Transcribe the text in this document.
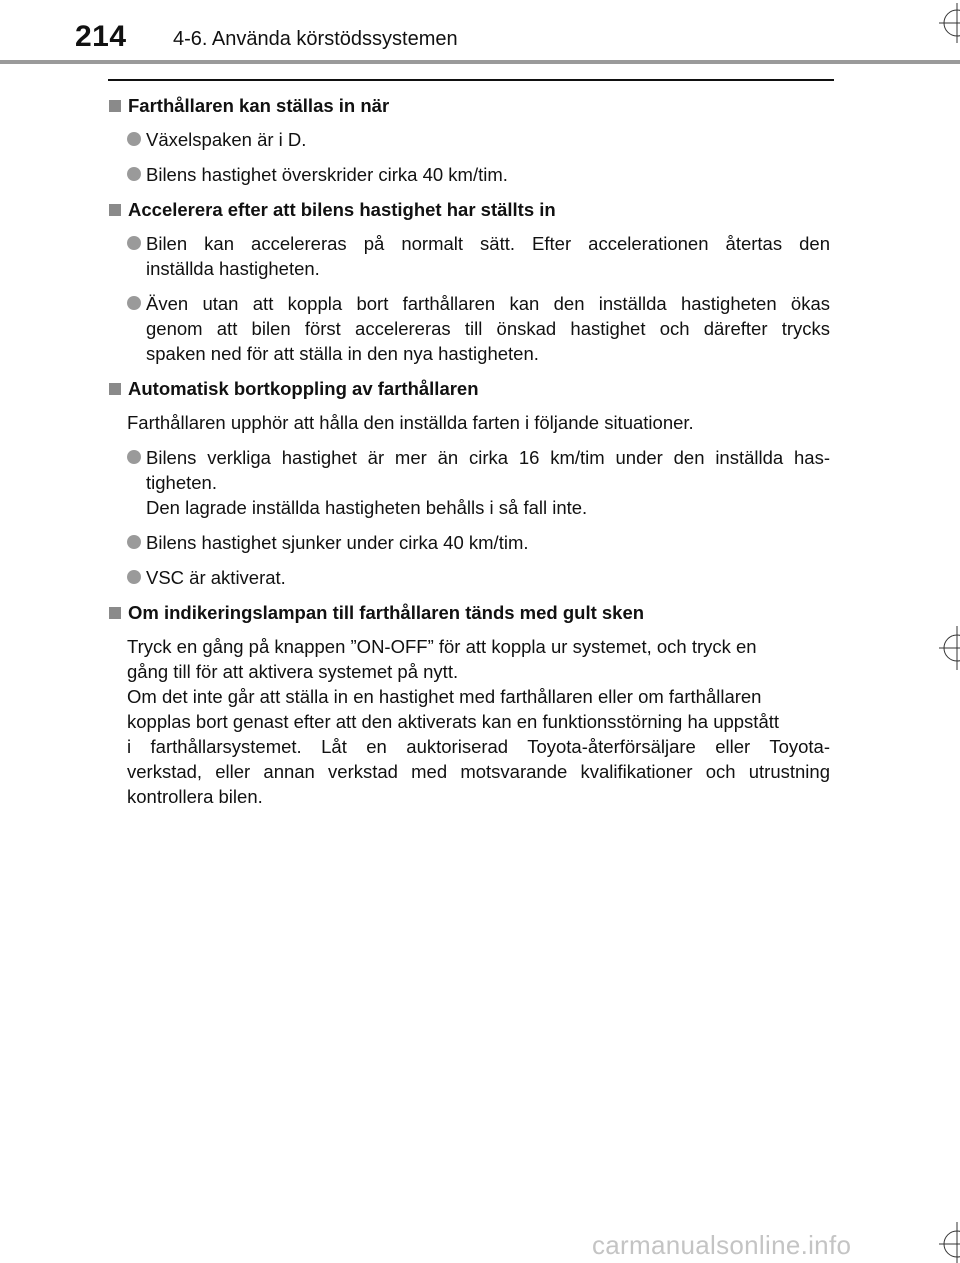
214 4-6. Använda körstödssystemen
Farthållaren kan ställas in när
Växelspaken är i D.
Bilens hastighet överskrider cirka 40 km/tim.
Accelerera efter att bilens hastighet har ställts in
Bilen kan accelereras på normalt sätt. Efter accelerationen återtas den
inställda hastigheten.
Även utan att koppla bort farthållaren kan den inställda hastigheten ökas
genom att bilen först accelereras till önskad hastighet och därefter trycks
spaken ned för att ställa in den nya hastigheten.
Automatisk bortkoppling av farthållaren
Farthållaren upphör att hålla den inställda farten i följande situationer.
Bilens verkliga hastighet är mer än cirka 16 km/tim under den inställda has-
tigheten.
Den lagrade inställda hastigheten behålls i så fall inte.
Bilens hastighet sjunker under cirka 40 km/tim.
VSC är aktiverat.
Om indikeringslampan till farthållaren tänds med gult sken
Tryck en gång på knappen ”ON-OFF” för att koppla ur systemet, och tryck en
gång till för att aktivera systemet på nytt.
Om det inte går att ställa in en hastighet med farthållaren eller om farthållaren
kopplas bort genast efter att den aktiverats kan en funktionsstörning ha uppstått
i farthållarsystemet. Låt en auktoriserad Toyota-återförsäljare eller Toyota-
verkstad, eller annan verkstad med motsvarande kvalifikationer och utrustning
kontrollera bilen.
carmanualsonline.info
